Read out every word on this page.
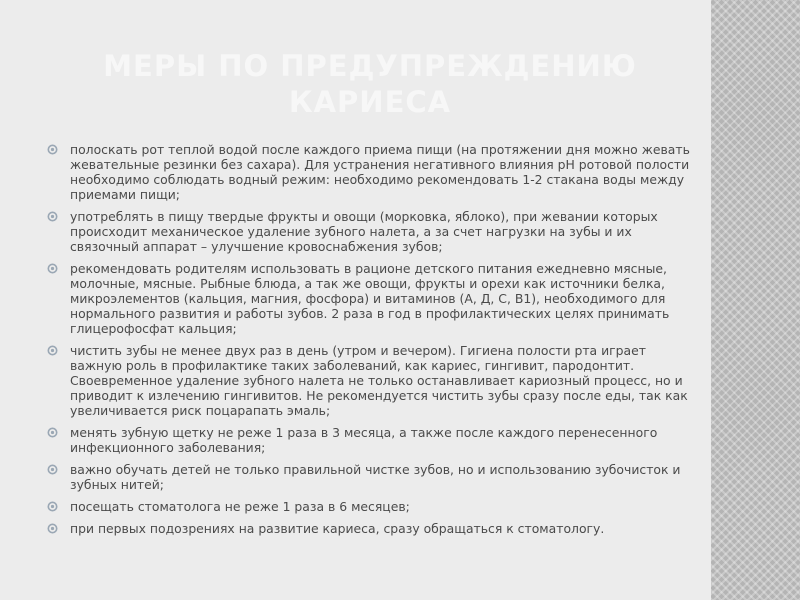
МЕРЫ ПО ПРЕДУПРЕЖДЕНИЮ
КАРИЕСА
полоскать рот теплой водой после каждого приема пищи (на протяжении дня можно жевать жевательные резинки без сахара). Для устранения негативного влияния рН ротовой полости необходимо соблюдать водный режим: необходимо рекомендовать 1-2 стакана воды между приемами пищи;
употреблять в пищу твердые фрукты и овощи (морковка, яблоко), при жевании которых происходит механическое удаление зубного налета, а за счет нагрузки на зубы и их связочный аппарат – улучшение кровоснабжения зубов;
рекомендовать родителям использовать в рационе детского питания ежедневно мясные, молочные, мясные. Рыбные блюда, а так же овощи, фрукты и орехи как источники белка, микроэлементов (кальция, магния, фосфора) и витаминов (А, Д, С, В1), необходимого для нормального развития и работы зубов. 2 раза в год в профилактических целях принимать глицерофосфат кальция;
чистить зубы не менее двух раз в день (утром и вечером). Гигиена полости рта играет важную роль в профилактике таких заболеваний, как кариес, гингивит, пародонтит. Своевременное удаление зубного налета не только останавливает кариозный процесс, но и приводит к излечению гингивитов. Не рекомендуется чистить зубы сразу после еды, так как увеличивается риск поцарапать эмаль;
менять зубную щетку не реже 1 раза в 3 месяца, а также после каждого перенесенного инфекционного заболевания;
важно обучать детей не только правильной чистке зубов, но и использованию зубочисток и зубных нитей;
посещать стоматолога не реже 1 раза в 6 месяцев;
при первых подозрениях на развитие кариеса, сразу обращаться к стоматологу.
